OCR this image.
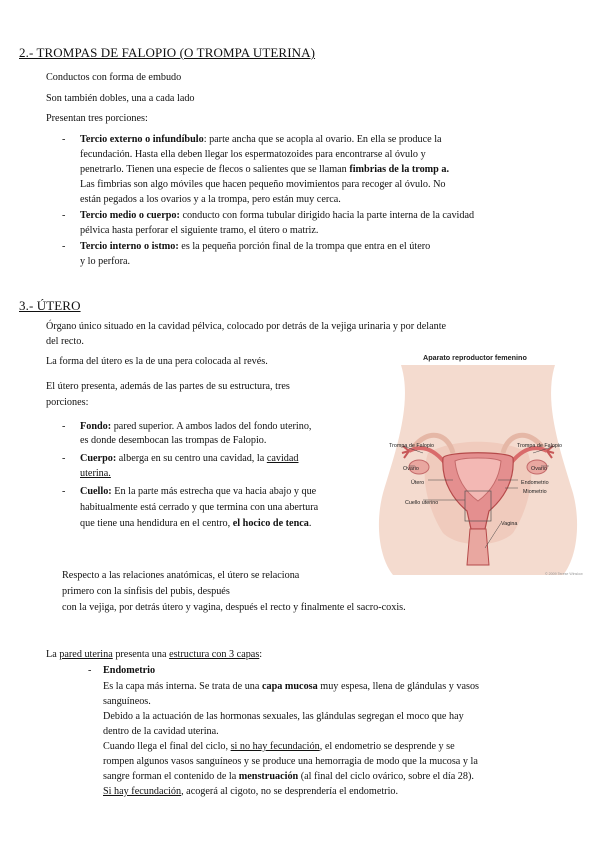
2.- TROMPAS DE FALOPIO (O TROMPA UTERINA)
Conductos con forma de embudo
Son también dobles, una a cada lado
Presentan tres porciones:
- Tercio externo o infundíbulo: parte ancha que se acopla al ovario. En ella se produce la
fecundación. Hasta ella deben llegar los espermatozoides para encontrarse al óvulo y
penetrarlo. Tienen una especie de flecos o salientes que se llaman fimbrias de la tromp a.
Las fimbrias son algo móviles que hacen pequeño movimientos para recoger al óvulo. No
están pegados a los ovarios y a la trompa, pero están muy cerca.
- Tercio medio o cuerpo: conducto con forma tubular dirigido hacia la parte interna de la cavidad
pélvica hasta perforar el siguiente tramo, el útero o matriz.
- Tercio interno o istmo: es la pequeña porción final de la trompa que entra en el útero
y lo perfora.
3.- ÚTERO
Órgano único situado en la cavidad pélvica, colocado por detrás de la vejiga urinaria y por delante
del recto.
La forma del útero es la de una pera colocada al revés.
El útero presenta, además de las partes de su estructura, tres
porciones:
- Fondo: pared superior. A ambos lados del fondo uterino,
es donde desembocan las trompas de Falopio.
- Cuerpo: alberga en su centro una cavidad, la cavidad
uterina.
- Cuello: En la parte más estrecha que va hacia abajo y que
habitualmente está cerrado y que termina con una abertura
que tiene una hendidura en el centro, el hocico de tenca.
Respecto a las relaciones anatómicas, el útero se relaciona
primero con la sínfisis del pubis, después
con la vejiga, por detrás útero y vagina, después el recto y finalmente el sacro-coxis.
Aparato reproductor femenino
Trompa de Falopio	Trompa de Falopio
Ovario	Ovario
Útero	Endometrio
Miometrio
Cuello uterino
Vagina
© 2009 Terese Winslow
La pared uterina presenta una estructura con 3 capas:
- Endometrio
Es la capa más interna. Se trata de una capa mucosa muy espesa, llena de glándulas y vasos
sanguíneos.
Debido a la actuación de las hormonas sexuales, las glándulas segregan el moco que hay
dentro de la cavidad uterina.
Cuando llega el final del ciclo, si no hay fecundación, el endometrio se desprende y se
rompen algunos vasos sanguíneos y se produce una hemorragia de modo que la mucosa y la
sangre forman el contenido de la menstruación (al final del ciclo ovárico, sobre el día 28).
Si hay fecundación, acogerá al cigoto, no se desprendería el endometrio.
